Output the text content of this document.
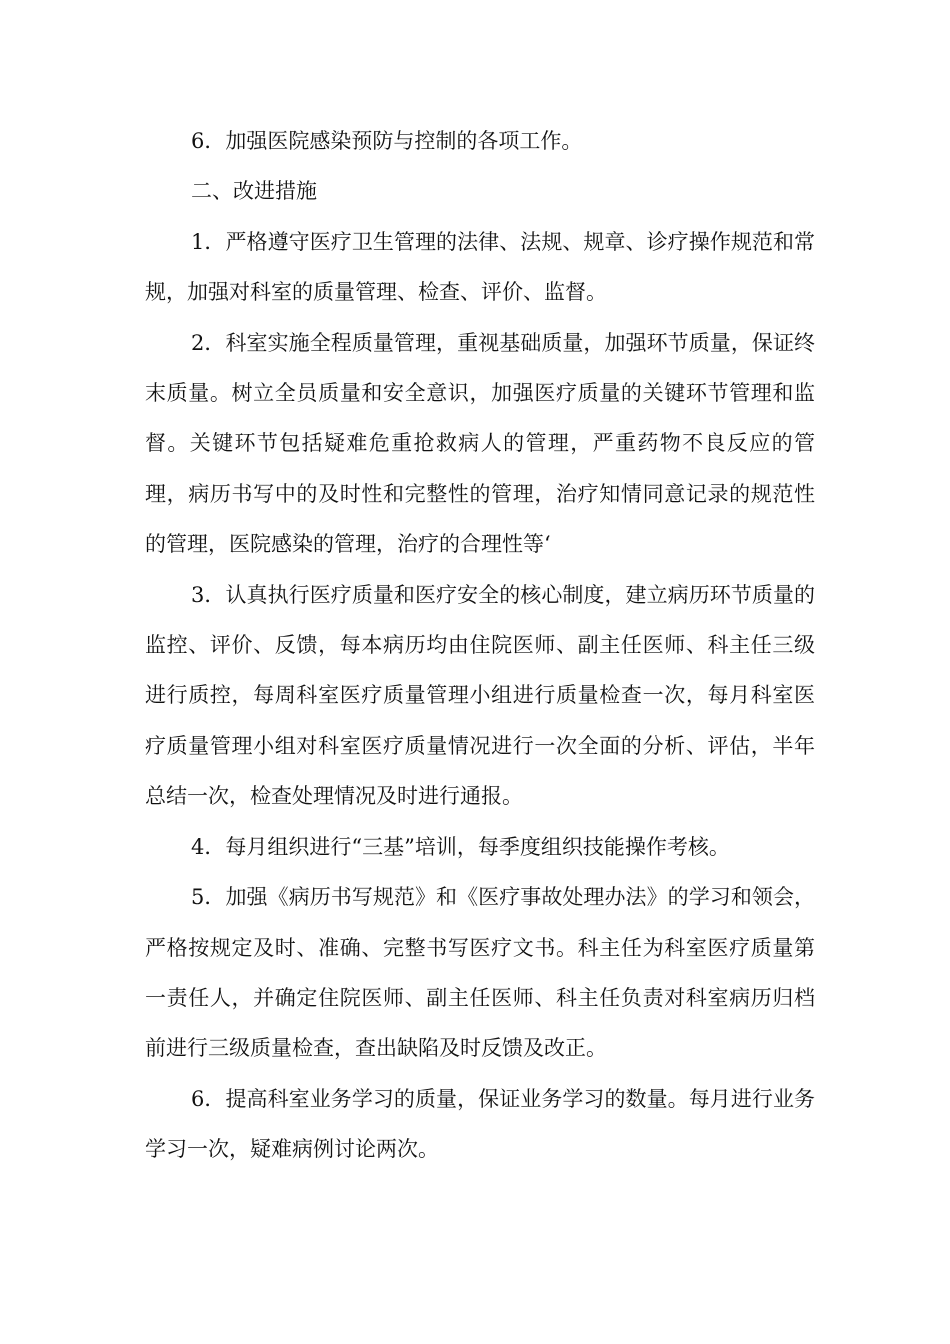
6．加强医院感染预防与控制的各项工作。

二、改进措施

1．严格遵守医疗卫生管理的法律、法规、规章、诊疗操作规范和常规，加强对科室的质量管理、检查、评价、监督。

2．科室实施全程质量管理，重视基础质量，加强环节质量，保证终末质量。树立全员质量和安全意识，加强医疗质量的关键环节管理和监督。关键环节包括疑难危重抢救病人的管理，严重药物不良反应的管理，病历书写中的及时性和完整性的管理，治疗知情同意记录的规范性的管理，医院感染的管理，治疗的合理性等‘

3．认真执行医疗质量和医疗安全的核心制度，建立病历环节质量的监控、评价、反馈，每本病历均由住院医师、副主任医师、科主任三级进行质控，每周科室医疗质量管理小组进行质量检查一次，每月科室医疗质量管理小组对科室医疗质量情况进行一次全面的分析、评估，半年总结一次，检查处理情况及时进行通报。

4．每月组织进行“三基”培训，每季度组织技能操作考核。

5．加强《病历书写规范》和《医疗事故处理办法》的学习和领会，严格按规定及时、准确、完整书写医疗文书。科主任为科室医疗质量第一责任人，并确定住院医师、副主任医师、科主任负责对科室病历归档前进行三级质量检查，查出缺陷及时反馈及改正。

6．提高科室业务学习的质量，保证业务学习的数量。每月进行业务学习一次，疑难病例讨论两次。
